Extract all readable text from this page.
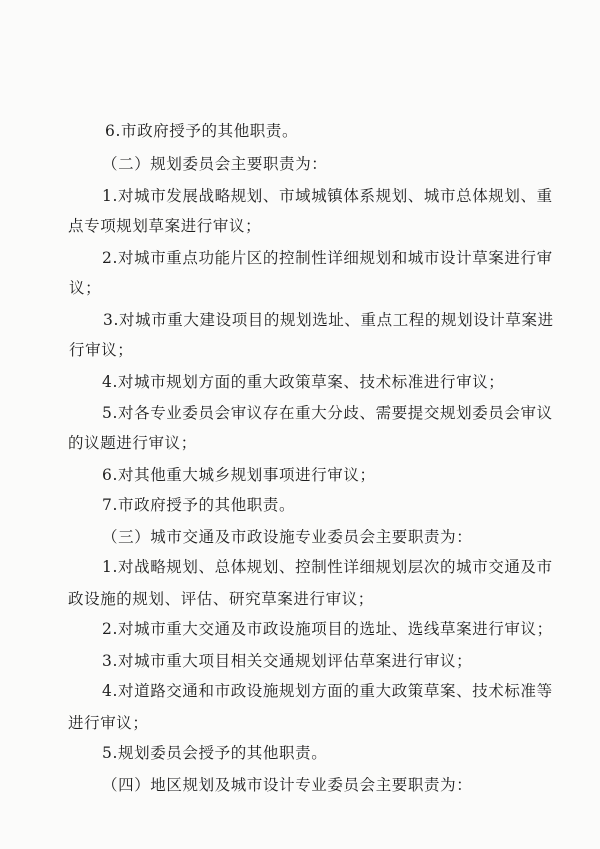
6.市政府授予的其他职责。
（二）规划委员会主要职责为：
1.对城市发展战略规划、市域城镇体系规划、城市总体规划、重
点专项规划草案进行审议；
2.对城市重点功能片区的控制性详细规划和城市设计草案进行审
议；
3.对城市重大建设项目的规划选址、重点工程的规划设计草案进
行审议；
4.对城市规划方面的重大政策草案、技术标准进行审议；
5.对各专业委员会审议存在重大分歧、需要提交规划委员会审议
的议题进行审议；
6.对其他重大城乡规划事项进行审议；
7.市政府授予的其他职责。
（三）城市交通及市政设施专业委员会主要职责为：
1.对战略规划、总体规划、控制性详细规划层次的城市交通及市
政设施的规划、评估、研究草案进行审议；
2.对城市重大交通及市政设施项目的选址、选线草案进行审议；
3.对城市重大项目相关交通规划评估草案进行审议；
4.对道路交通和市政设施规划方面的重大政策草案、技术标准等
进行审议；
5.规划委员会授予的其他职责。
（四）地区规划及城市设计专业委员会主要职责为：
